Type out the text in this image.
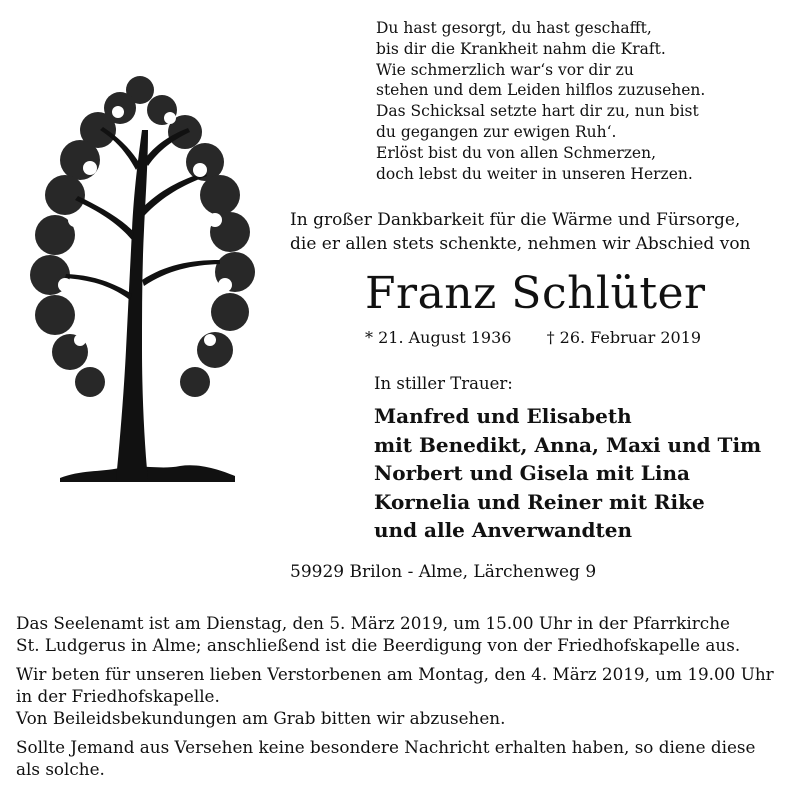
Du hast gesorgt, du hast geschafft,
bis dir die Krankheit nahm die Kraft.
Wie schmerzlich war‘s vor dir zu
stehen und dem Leiden hilflos zuzusehen.
Das Schicksal setzte hart dir zu, nun bist
du gegangen zur ewigen Ruh‘.
Erlöst bist du von allen Schmerzen,
doch lebst du weiter in unseren Herzen.
In großer Dankbarkeit für die Wärme und Fürsorge,
die er allen stets schenkte, nehmen wir Abschied von
Franz Schlüter
* 21. August 1936 † 26. Februar 2019
In stiller Trauer:
Manfred und Elisabeth
mit Benedikt, Anna, Maxi und Tim
Norbert und Gisela mit Lina
Kornelia und Reiner mit Rike
und alle Anverwandten
59929 Brilon - Alme, Lärchenweg 9
Das Seelenamt ist am Dienstag, den 5. März 2019, um 15.00 Uhr in der Pfarrkirche
St. Ludgerus in Alme; anschließend ist die Beerdigung von der Friedhofskapelle aus.
Wir beten für unseren lieben Verstorbenen am Montag, den 4. März 2019, um 19.00 Uhr
in der Friedhofskapelle.
Von Beileidsbekundungen am Grab bitten wir abzusehen.
Sollte Jemand aus Versehen keine besondere Nachricht erhalten haben, so diene diese
als solche.
